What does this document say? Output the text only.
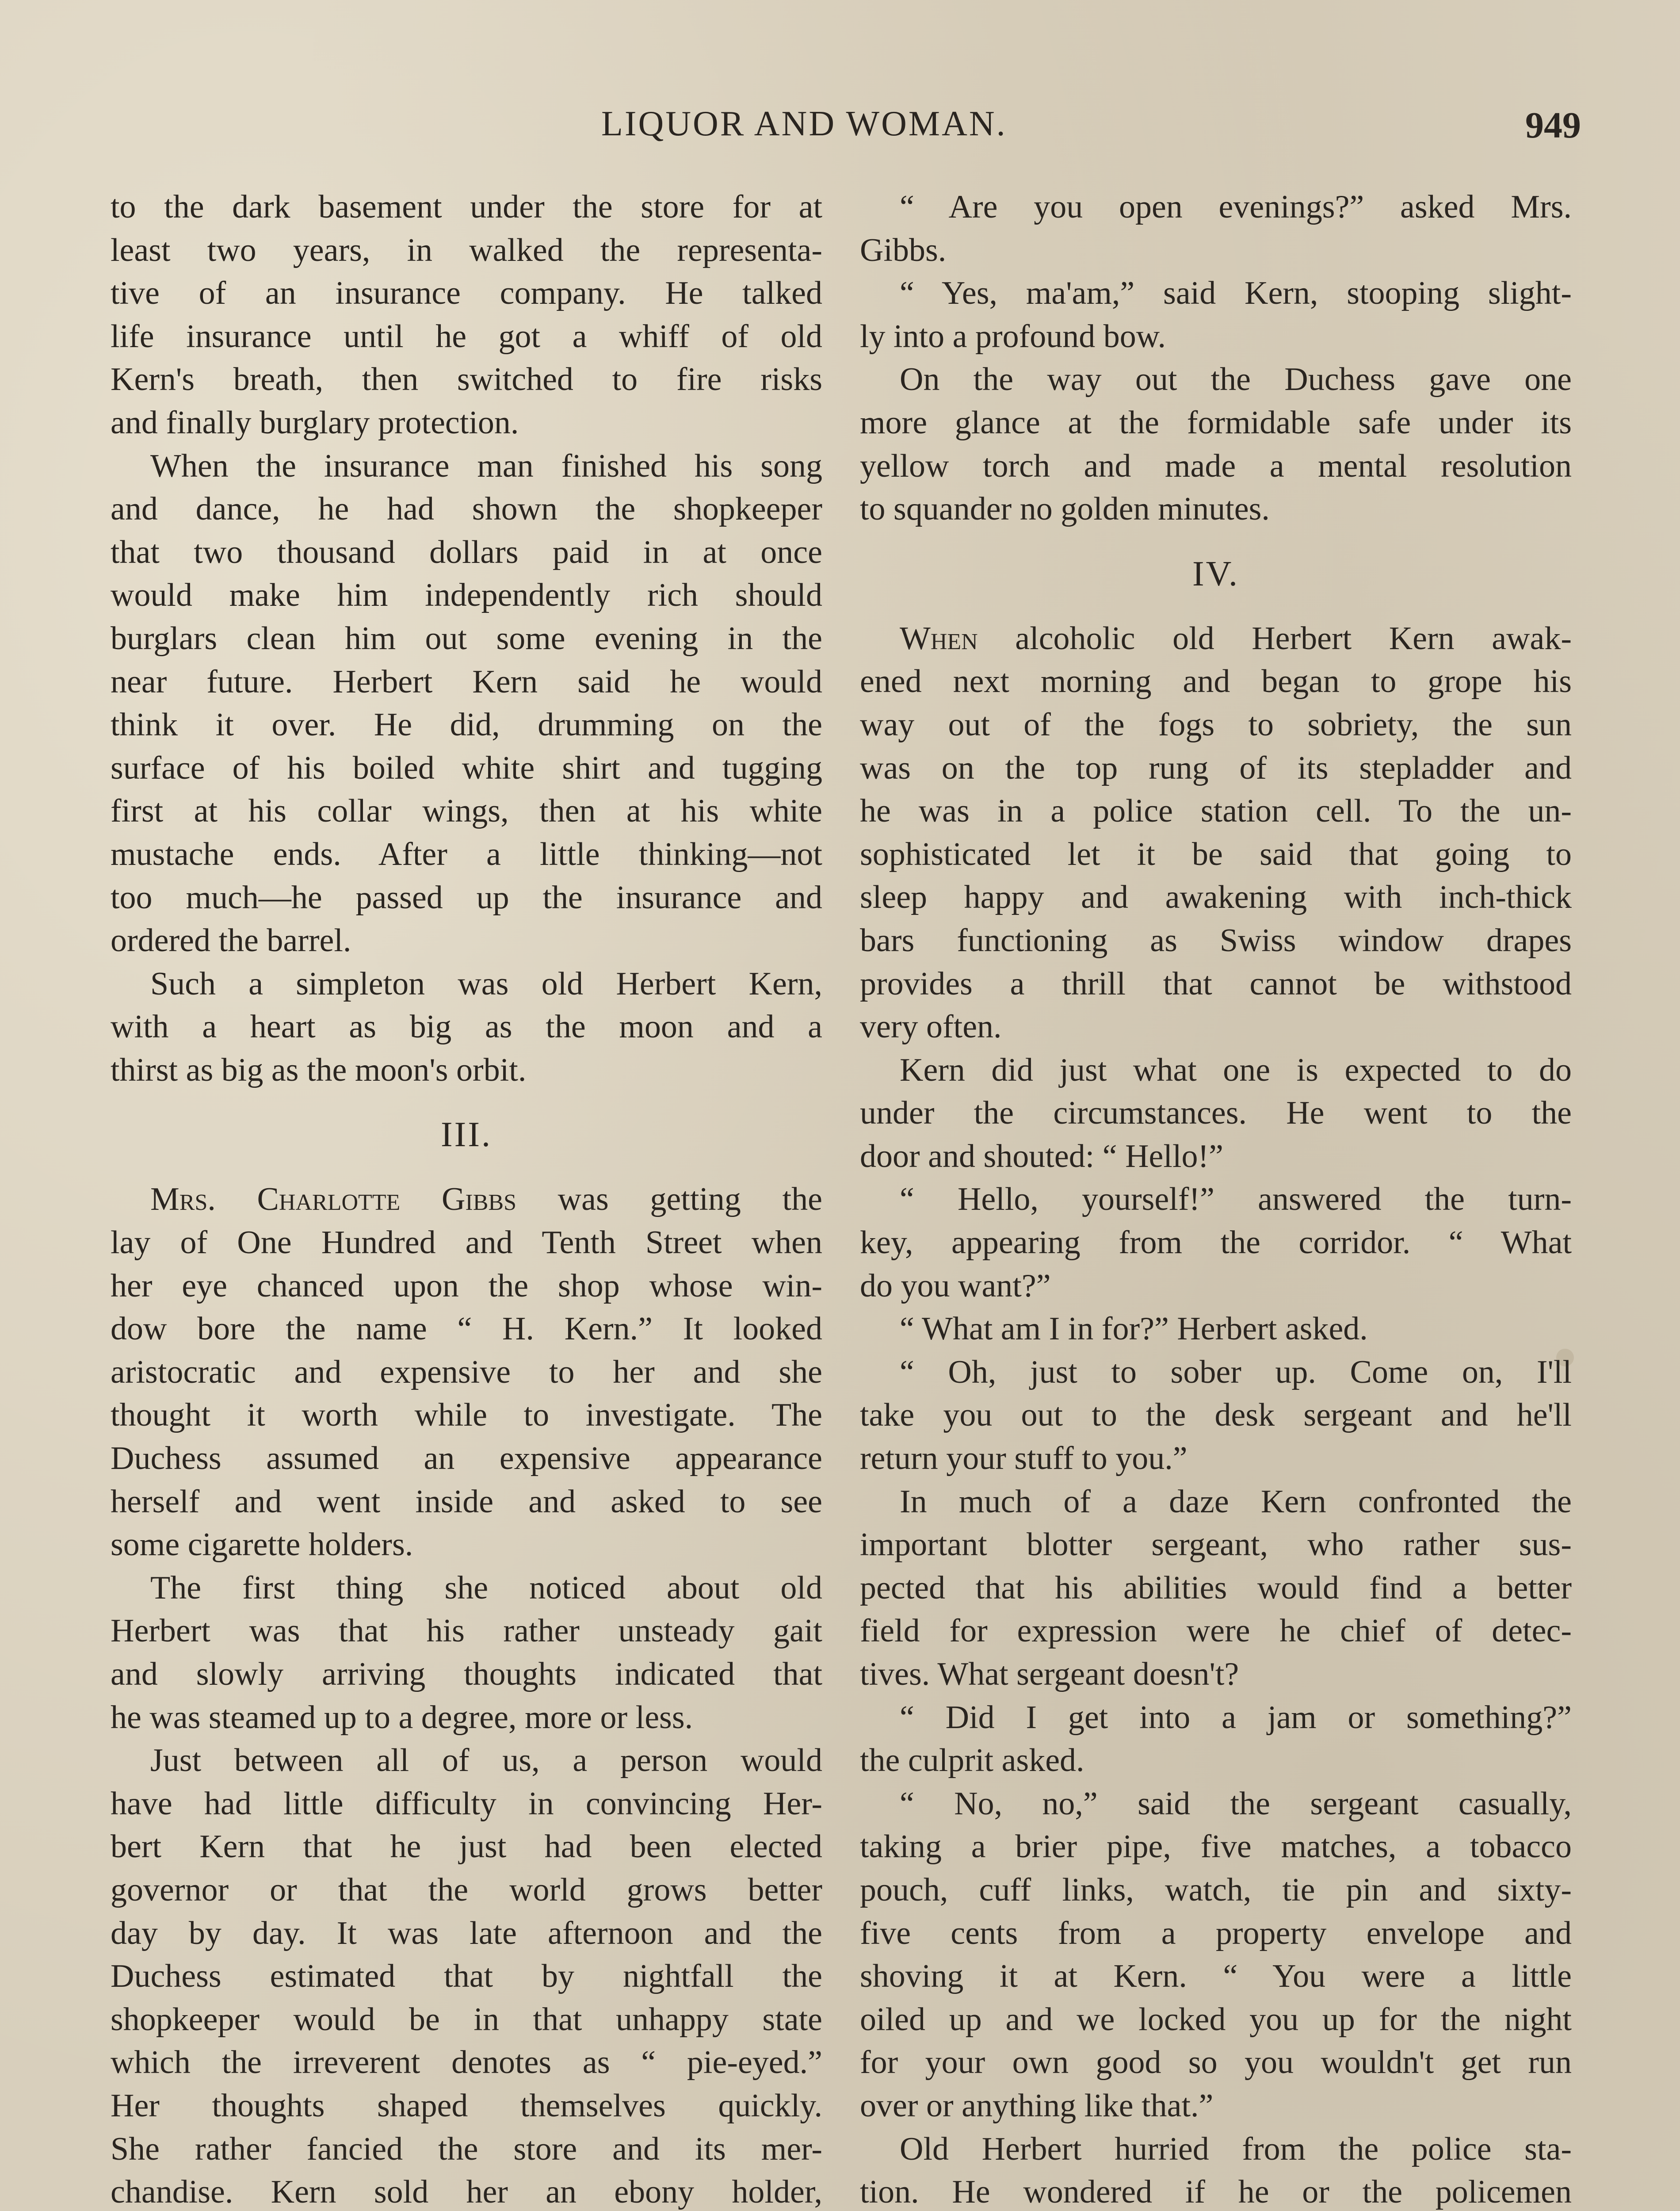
LIQUOR AND WOMAN.	949
to the dark basement under the store for at
least two years, in walked the representa-
tive of an insurance company. He talked
life insurance until he got a whiff of old
Kern's breath, then switched to fire risks
and finally burglary protection.
When the insurance man finished his song
and dance, he had shown the shopkeeper
that two thousand dollars paid in at once
would make him independently rich should
burglars clean him out some evening in the
near future. Herbert Kern said he would
think it over. He did, drumming on the
surface of his boiled white shirt and tugging
first at his collar wings, then at his white
mustache ends. After a little thinking—not
too much—he passed up the insurance and
ordered the barrel.
Such a simpleton was old Herbert Kern,
with a heart as big as the moon and a
thirst as big as the moon's orbit.
III.
Mrs. Charlotte Gibbs was getting the
lay of One Hundred and Tenth Street when
her eye chanced upon the shop whose win-
dow bore the name “ H. Kern.” It looked
aristocratic and expensive to her and she
thought it worth while to investigate. The
Duchess assumed an expensive appearance
herself and went inside and asked to see
some cigarette holders.
The first thing she noticed about old
Herbert was that his rather unsteady gait
and slowly arriving thoughts indicated that
he was steamed up to a degree, more or less.
Just between all of us, a person would
have had little difficulty in convincing Her-
bert Kern that he just had been elected
governor or that the world grows better
day by day. It was late afternoon and the
Duchess estimated that by nightfall the
shopkeeper would be in that unhappy state
which the irreverent denotes as “ pie-eyed.”
Her thoughts shaped themselves quickly.
She rather fancied the store and its mer-
chandise. Kern sold her an ebony holder,
“ Are you open evenings?” asked Mrs.
Gibbs.
“ Yes, ma'am,” said Kern, stooping slight-
ly into a profound bow.
On the way out the Duchess gave one
more glance at the formidable safe under its
yellow torch and made a mental resolution
to squander no golden minutes.
IV.
When alcoholic old Herbert Kern awak-
ened next morning and began to grope his
way out of the fogs to sobriety, the sun
was on the top rung of its stepladder and
he was in a police station cell. To the un-
sophisticated let it be said that going to
sleep happy and awakening with inch-thick
bars functioning as Swiss window drapes
provides a thrill that cannot be withstood
very often.
Kern did just what one is expected to do
under the circumstances. He went to the
door and shouted: “ Hello!”
“ Hello, yourself!” answered the turn-
key, appearing from the corridor. “ What
do you want?”
“ What am I in for?” Herbert asked.
“ Oh, just to sober up. Come on, I'll
take you out to the desk sergeant and he'll
return your stuff to you.”
In much of a daze Kern confronted the
important blotter sergeant, who rather sus-
pected that his abilities would find a better
field for expression were he chief of detec-
tives. What sergeant doesn't?
“ Did I get into a jam or something?”
the culprit asked.
“ No, no,” said the sergeant casually,
taking a brier pipe, five matches, a tobacco
pouch, cuff links, watch, tie pin and sixty-
five cents from a property envelope and
shoving it at Kern. “ You were a little
oiled up and we locked you up for the night
for your own good so you wouldn't get run
over or anything like that.”
Old Herbert hurried from the police sta-
tion. He wondered if he or the policemen
